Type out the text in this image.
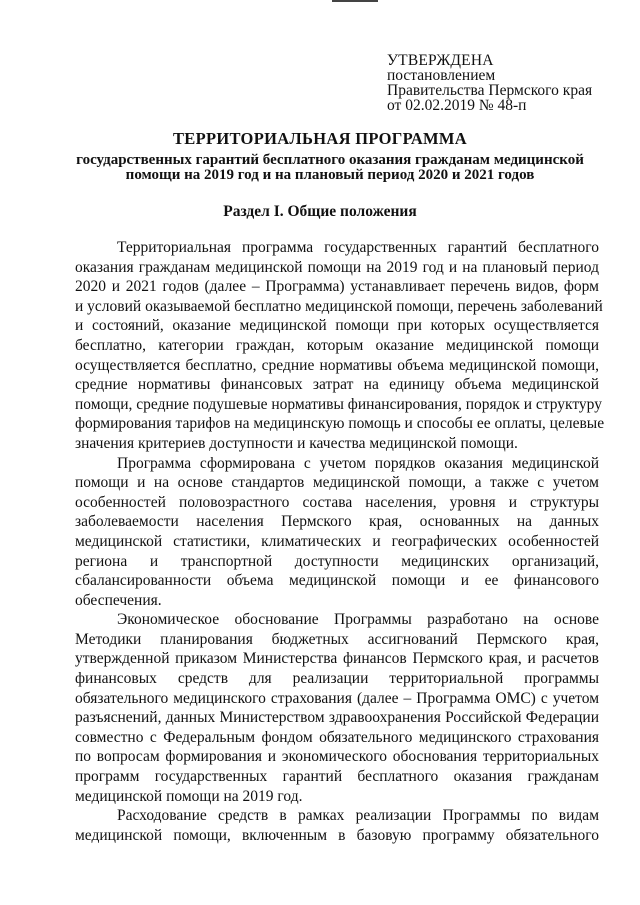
УТВЕРЖДЕНА
постановлением
Правительства Пермского края
от 02.02.2019 № 48-п
ТЕРРИТОРИАЛЬНАЯ ПРОГРАММА
государственных гарантий бесплатного оказания гражданам медицинской
помощи на 2019 год и на плановый период 2020 и 2021 годов
Раздел I. Общие положения
Территориальная программа государственных гарантий бесплатного
оказания гражданам медицинской помощи на 2019 год и на плановый период
2020 и 2021 годов (далее – Программа) устанавливает перечень видов, форм
и условий оказываемой бесплатно медицинской помощи, перечень заболеваний
и состояний, оказание медицинской помощи при которых осуществляется
бесплатно, категории граждан, которым оказание медицинской помощи
осуществляется бесплатно, средние нормативы объема медицинской помощи,
средние нормативы финансовых затрат на единицу объема медицинской
помощи, средние подушевые нормативы финансирования, порядок и структуру
формирования тарифов на медицинскую помощь и способы ее оплаты, целевые
значения критериев доступности и качества медицинской помощи.
Программа сформирована с учетом порядков оказания медицинской
помощи и на основе стандартов медицинской помощи, а также с учетом
особенностей половозрастного состава населения, уровня и структуры
заболеваемости населения Пермского края, основанных на данных
медицинской статистики, климатических и географических особенностей
региона и транспортной доступности медицинских организаций,
сбалансированности объема медицинской помощи и ее финансового
обеспечения.
Экономическое обоснование Программы разработано на основе
Методики планирования бюджетных ассигнований Пермского края,
утвержденной приказом Министерства финансов Пермского края, и расчетов
финансовых средств для реализации территориальной программы
обязательного медицинского страхования (далее – Программа ОМС) с учетом
разъяснений, данных Министерством здравоохранения Российской Федерации
совместно с Федеральным фондом обязательного медицинского страхования
по вопросам формирования и экономического обоснования территориальных
программ государственных гарантий бесплатного оказания гражданам
медицинской помощи на 2019 год.
Расходование средств в рамках реализации Программы по видам
медицинской помощи, включенным в базовую программу обязательного
